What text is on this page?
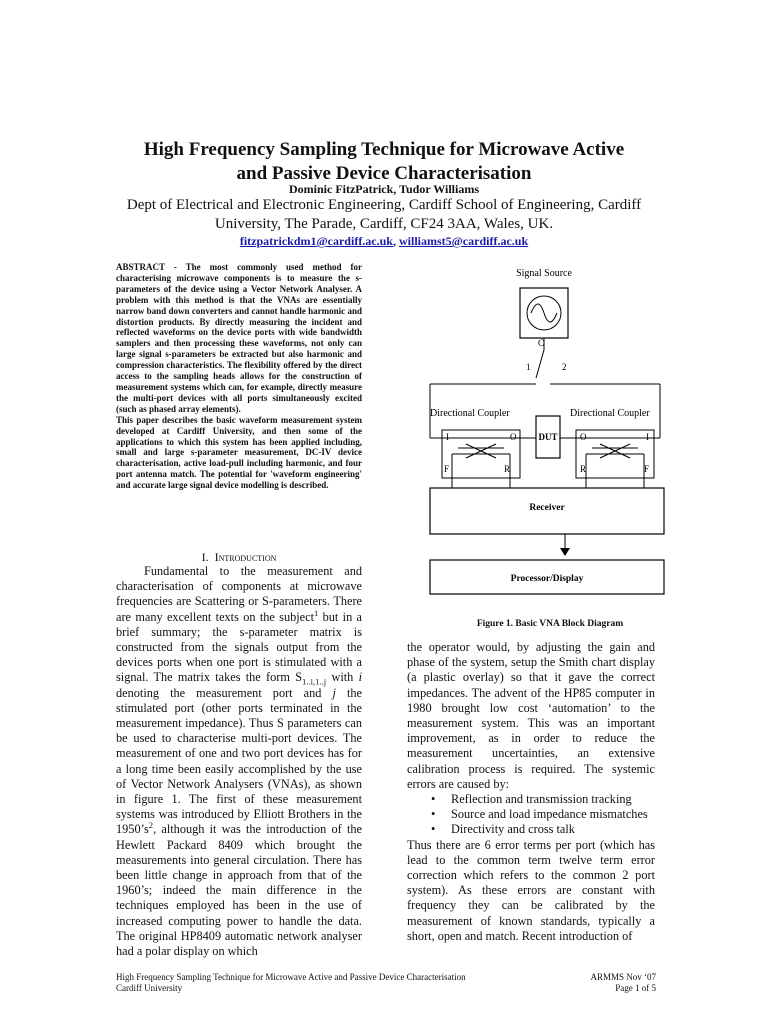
High Frequency Sampling Technique for Microwave Active
and Passive Device Characterisation
Dominic FitzPatrick, Tudor Williams
Dept of Electrical and Electronic Engineering, Cardiff School of Engineering, Cardiff
University, The Parade, Cardiff, CF24 3AA, Wales, UK.
fitzpatrickdm1@cardiff.ac.uk, williamst5@cardiff.ac.uk

ABSTRACT - The most commonly used method for characterising microwave components is to measure the s-parameters of the device using a Vector Network Analyser. A problem with this method is that the VNAs are essentially narrow band down converters and cannot handle harmonic and distortion products. By directly measuring the incident and reflected waveforms on the device ports with wide bandwidth samplers and then processing these waveforms, not only can large signal s-parameters be extracted but also harmonic and compression characteristics. The flexibility offered by the direct access to the sampling heads allows for the construction of measurement systems which can, for example, directly measure the multi-port devices with all ports simultaneously excited (such as phased array elements).

This paper describes the basic waveform measurement system developed at Cardiff University, and then some of the applications to which this system has been applied including, small and large s-parameter measurement, DC-IV device characterisation, active load-pull including harmonic, and four port antenna match. The potential for 'waveform engineering' and accurate large signal device modelling is described.

I. Introduction

Fundamental to the measurement and characterisation of components at microwave frequencies are Scattering or S-parameters. There are many excellent texts on the subject$^1$ but in a brief summary; the s-parameter matrix is constructed from the signals output from the devices ports when one port is stimulated with a signal. The matrix takes the form $S_{1..i,1..j}$ with i denoting the measurement port and j the stimulated port (other ports terminated in the measurement impedance). Thus S parameters can be used to characterise multi-port devices. The measurement of one and two port devices has for a long time been easily accomplished by the use of Vector Network Analysers (VNAs), as shown in figure 1. The first of these measurement systems was introduced by Elliott Brothers in the $1950’s^2$, although it was the introduction of the Hewlett Packard 8409 which brought the measurements into general circulation. There has been little change in approach from that of the 1960’s; indeed the main difference in the techniques employed has been in the use of increased computing power to handle the data. The original HP8409 automatic network analyser had a polar display on which

the operator would, by adjusting the gain and phase of the system, setup the Smith chart display (a plastic overlay) so that it gave the correct impedances. The advent of the HP85 computer in 1980 brought low cost ‘automation’ to the measurement system. This was an important improvement, as in order to reduce the measurement uncertainties, an extensive calibration process is required. The systemic errors are caused by:

• Reflection and transmission tracking
• Source and load impedance mismatches
• Directivity and cross talk

Thus there are 6 error terms per port (which has lead to the common term twelve term error correction which refers to the common 2 port system). As these errors are constant with frequency they can be calibrated by the measurement of known standards, typically a short, open and match. Recent introduction of

Signal Source
C
1	2
Directional Coupler	Directional Coupler
DUT
I	O
F	R
O	I
R	F
Receiver
Processor/Display
Figure 1. Basic VNA Block Diagram
High Frequency Sampling Technique for Microwave Active and Passive Device Characterisation
Cardiff University
ARMMS Nov ‘07
Page 1 of 5
